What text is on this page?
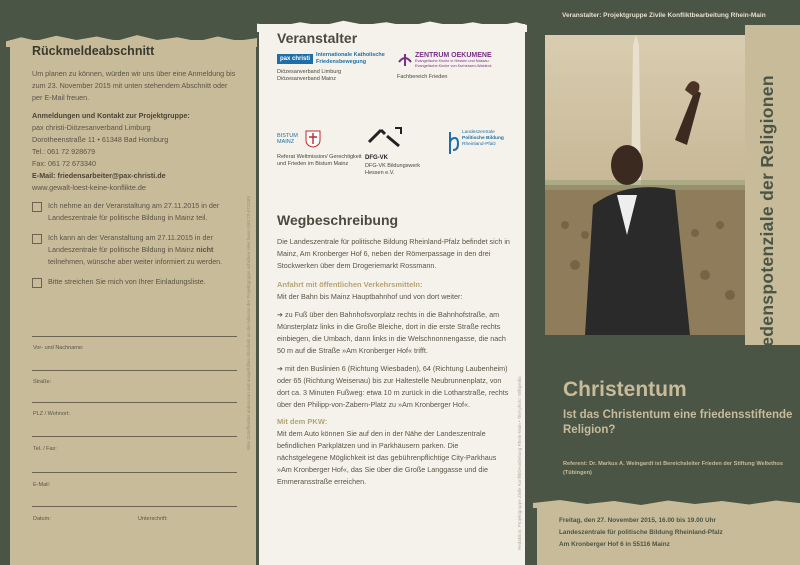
Rückmeldeabschnitt

Um planen zu können, würden wir uns über eine Anmeldung bis zum 23. November 2015 mit unten stehendem Abschnitt oder per E-Mail freuen.

Anmeldungen und Kontakt zur Projektgruppe:

pax christi-Diözesanverband Limburg

Dorotheenstraße 11 • 61348 Bad Homburg

Tel.: 061 72 928679

Fax: 061 72 673340

E-Mail: friedensarbeiter@pax-christi.de

www.gewalt-loest-keine-konflikte.de

Ich nehme an der Veranstaltung am 27.11.2015 in der Landeszentrale für politische Bildung in Mainz teil.

Ich kann an der Veranstaltung am 27.11.2015 in der Landeszentrale für politische Bildung in Mainz nicht teilnehmen, wünsche aber weiter informiert zu werden.

Bitte streichen Sie mich von Ihrer Einladungsliste.

Vor- und Nachname:
Straße:
PLZ / Wohnort:
Tel. / Fax:
E-Mail:
Datum:	Unterschrift:
Bitte Zutreffendes ankreuzen und ausgefüllten Abschnitt an die Adresse der Projektgruppe schicken oder faxen (06172-673340)
Veranstalter
pax christi
Internationale Katholische
Friedensbewegung
Diözesanverband Limburg
Diözesanverband Mainz
ZENTRUM OEKUMENE
Evangelische Kirche in Hessen und Nassau
Evangelische Kirche von Kurhessen-Waldeck
Fachbereich Frieden
BISTUM MAINZ
Referat Weltmission/ Gerechtigkeit und Frieden im Bistum Mainz
DFG-VK
DFG-VK Bildungswerk Hessen e.V.
Landeszentrale
Politische Bildung
Rheinland-Pfalz
Wegbeschreibung

Die Landeszentrale für politische Bildung Rheinland-Pfalz befindet sich in Mainz, Am Kronberger Hof 6, neben der Römerpassage in den drei Stockwerken über dem Drogeriemarkt Rossmann.

Anfahrt mit öffentlichen Verkehrsmitteln:

Mit der Bahn bis Mainz Hauptbahnhof und von dort weiter:

➔ zu Fuß über den Bahnhofsvorplatz rechts in die Bahnhofstraße, am Münsterplatz links in die Große Bleiche, dort in die erste Straße rechts einbiegen, die Umbach, dann links in die Welschnonnengasse, die nach 50 m auf die Straße »Am Kronberger Hof« trifft.

➔ mit den Buslinien 6 (Richtung Wiesbaden), 64 (Richtung Laubenheim) oder 65 (Richtung Weisenau) bis zur Haltestelle Neubrunnenplatz, von dort ca. 3 Minuten Fußweg: etwa 10 m zurück in die Lotharstraße, rechts über den Philipp-von-Zabern-Platz zu »Am Kronberger Hof«.

Mit dem PKW:

Mit dem Auto können Sie auf den in der Nähe der Landeszentrale befindlichen Parkplätzen und in Parkhäusern parken. Die nächstgelegene Möglichkeit ist das gebührenpflichtige City-Parkhaus »Am Kronberger Hof«, das Sie über die Große Langgasse und die Emmeransstraße erreichen.	Redaktion: Projektgruppe Zivile Konfliktbearbeitung Rhein-Main • Titel-photo: Wikipedia
Veranstalter: Projektgruppe Zivile Konfliktbearbeitung Rhein-Main
Friedenspotenziale der Religionen
Christentum
Ist das Christentum eine friedensstiftende Religion?
Referent: Dr. Markus A. Weingardt ist Bereichsleiter Frieden der Stiftung Weltethos (Tübingen)
Freitag, den 27. November 2015, 16.00 bis 19.00 Uhr
Landeszentrale für politische Bildung Rheinland-Pfalz
Am Kronberger Hof 6 in 55116 Mainz
